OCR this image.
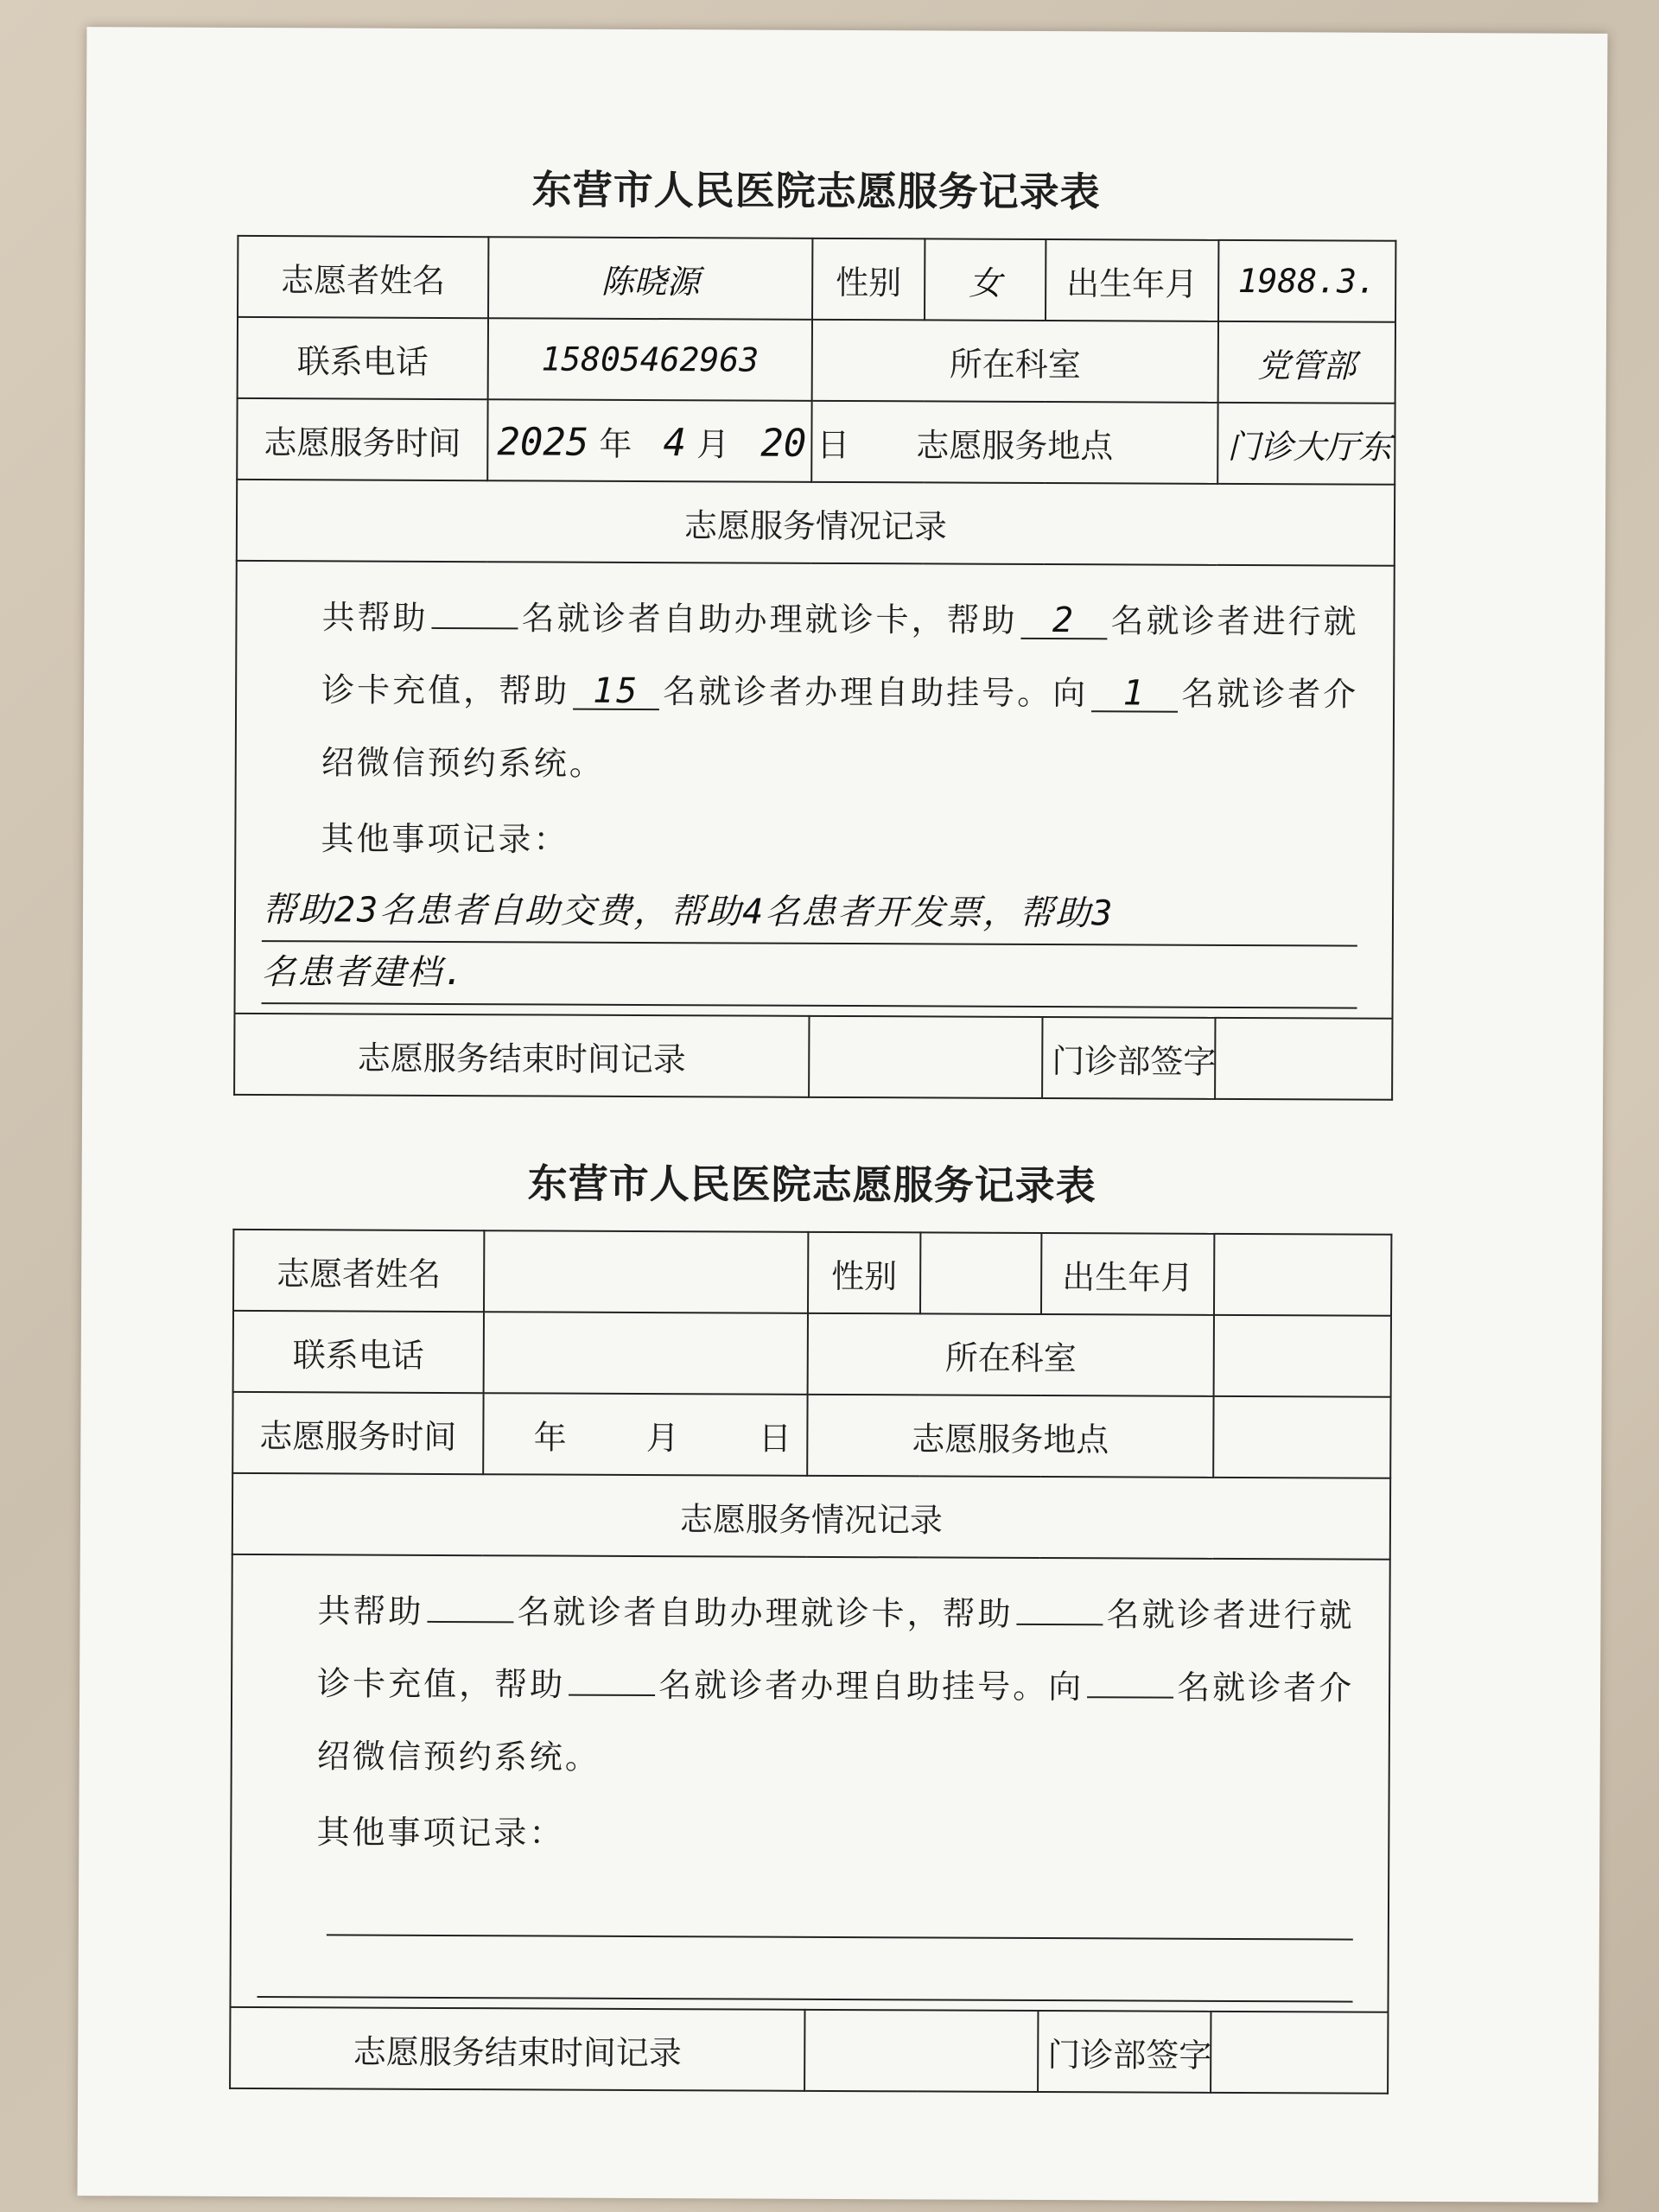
东营市人民医院志愿服务记录表
志愿者姓名	陈晓源	性别	女	出生年月	1988.3.
联系电话	15805462963	所在科室			党管部
志愿服务时间	2025 年 4 月 20 日	志愿服务地点			门诊大厅东
志愿服务情况记录					

共帮助 名就诊者自助办理就诊卡，帮助 2 名就诊者进行就诊卡充值，帮助 15 名就诊者办理自助挂号。向 1 名就诊者介绍微信预约系统。
其他事项记录：
帮助23名患者自助交费，帮助4名患者开发票，帮助3
名患者建档.					

志愿服务结束时间记录				门诊部签字	
东营市人民医院志愿服务记录表
志愿者姓名		性别		出生年月	
联系电话		所在科室			
志愿服务时间	年 月 日	志愿服务地点			
志愿服务情况记录					

共帮助 名就诊者自助办理就诊卡，帮助 名就诊者进行就诊卡充值，帮助 名就诊者办理自助挂号。向 名就诊者介绍微信预约系统。
其他事项记录：					

志愿服务结束时间记录				门诊部签字	
